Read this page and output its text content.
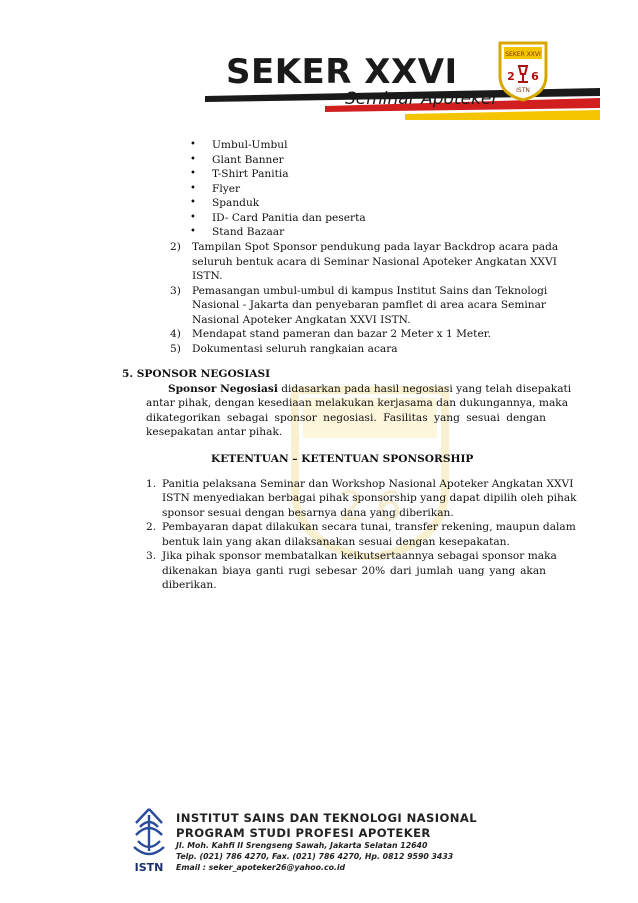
2 6
SEKER XXVI
Seminar Apoteker
SEKER XXVI
2 6
ISTN
• Umbul-Umbul
• Glant Banner
• T-Shirt Panitia
• Flyer
• Spanduk
• ID- Card Panitia dan peserta
• Stand Bazaar
2) Tampilan Spot Sponsor pendukung pada layar Backdrop acara pada
seluruh bentuk acara di Seminar Nasional Apoteker Angkatan XXVI
ISTN.
3) Pemasangan umbul-umbul di kampus Institut Sains dan Teknologi
Nasional - Jakarta dan penyebaran pamflet di area acara Seminar
Nasional Apoteker Angkatan XXVI ISTN.
4) Mendapat stand pameran dan bazar 2 Meter x 1 Meter.
5) Dokumentasi seluruh rangkaian acara
5. SPONSOR NEGOSIASI
Sponsor Negosiasi didasarkan pada hasil negosiasi yang telah disepakati
antar pihak, dengan kesediaan melakukan kerjasama dan dukungannya, maka
dikategorikan sebagai sponsor negosiasi. Fasilitas yang sesuai dengan
kesepakatan antar pihak.
KETENTUAN – KETENTUAN SPONSORSHIP
1. Panitia pelaksana Seminar dan Workshop Nasional Apoteker Angkatan XXVI
ISTN menyediakan berbagai pihak sponsorship yang dapat dipilih oleh pihak
sponsor sesuai dengan besarnya dana yang diberikan.
2. Pembayaran dapat dilakukan secara tunai, transfer rekening, maupun dalam
bentuk lain yang akan dilaksanakan sesuai dengan kesepakatan.
3. Jika pihak sponsor membatalkan keikutsertaannya sebagai sponsor maka
dikenakan biaya ganti rugi sebesar 20% dari jumlah uang yang akan
diberikan.
ISTN
INSTITUT SAINS DAN TEKNOLOGI NASIONAL
PROGRAM STUDI PROFESI APOTEKER
Jl. Moh. Kahfi II Srengseng Sawah, Jakarta Selatan 12640
Telp. (021) 786 4270, Fax. (021) 786 4270, Hp. 0812 9590 3433
Email : seker_apoteker26@yahoo.co.id
